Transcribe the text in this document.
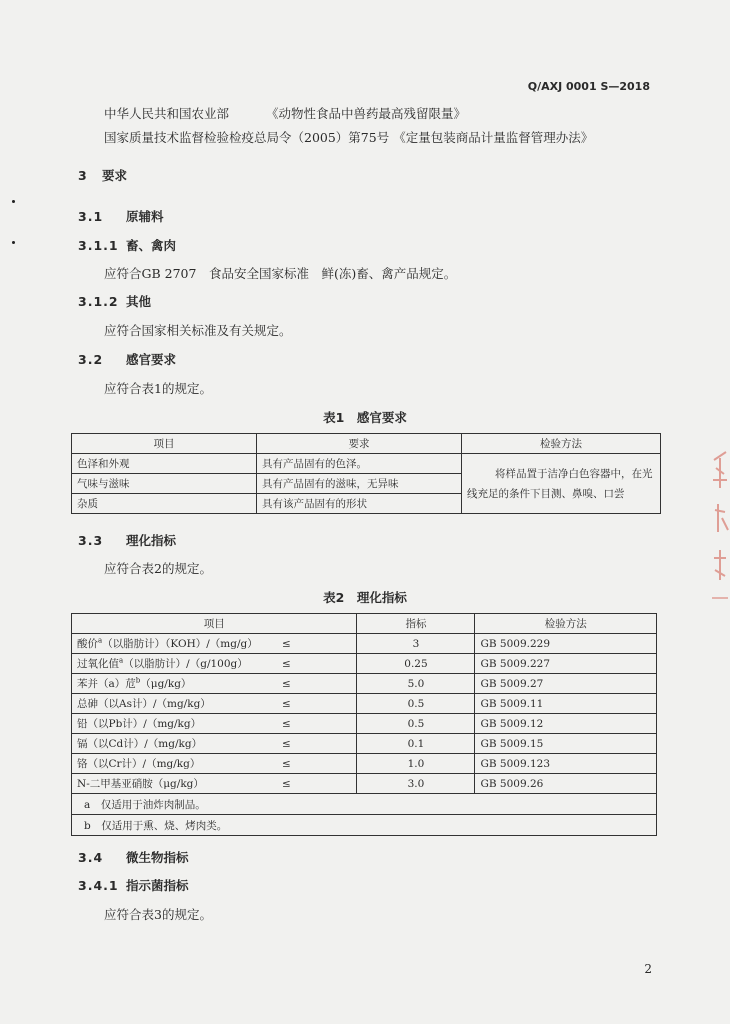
Q/AXJ 0001 S—2018
中华人民共和国农业部	《动物性食品中兽药最高残留限量》
国家质量技术监督检验检疫总局令（2005）第75号 《定量包装商品计量监督管理办法》
3 要求
3.1 原辅料
3.1.1 畜、禽肉
应符合GB 2707　食品安全国家标准　鲜(冻)畜、禽产品规定。
3.1.2 其他
应符合国家相关标准及有关规定。
3.2 感官要求
应符合表1的规定。
表1　感官要求
项目	要求	检验方法
色泽和外观	具有产品固有的色泽。	将样品置于洁净白色容器中，在光线充足的条件下目测、鼻嗅、口尝
气味与滋味	具有产品固有的滋味，无异味	
杂质	具有该产品固有的形状	
3.3 理化指标
应符合表2的规定。
表2　理化指标
项目		指标	检验方法
酸价$^a$（以脂肪计）（KOH）/（mg/g）	≤	3	GB 5009.229
过氧化值$^a$（以脂肪计）/（g/100g）	≤	0.25	GB 5009.227
苯并（a）苊$^b$（μg/kg）	≤	5.0	GB 5009.27
总砷（以As计）/（mg/kg）	≤	0.5	GB 5009.11
铅（以Pb计）/（mg/kg）	≤	0.5	GB 5009.12
镉（以Cd计）/（mg/kg）	≤	0.1	GB 5009.15
铬（以Cr计）/（mg/kg）	≤	1.0	GB 5009.123
N-二甲基亚硝胺（μg/kg）	≤	3.0	GB 5009.26
a　仅适用于油炸肉制品。			
b　仅适用于熏、烧、烤肉类。			
3.4 微生物指标
3.4.1 指示菌指标
应符合表3的规定。
2
